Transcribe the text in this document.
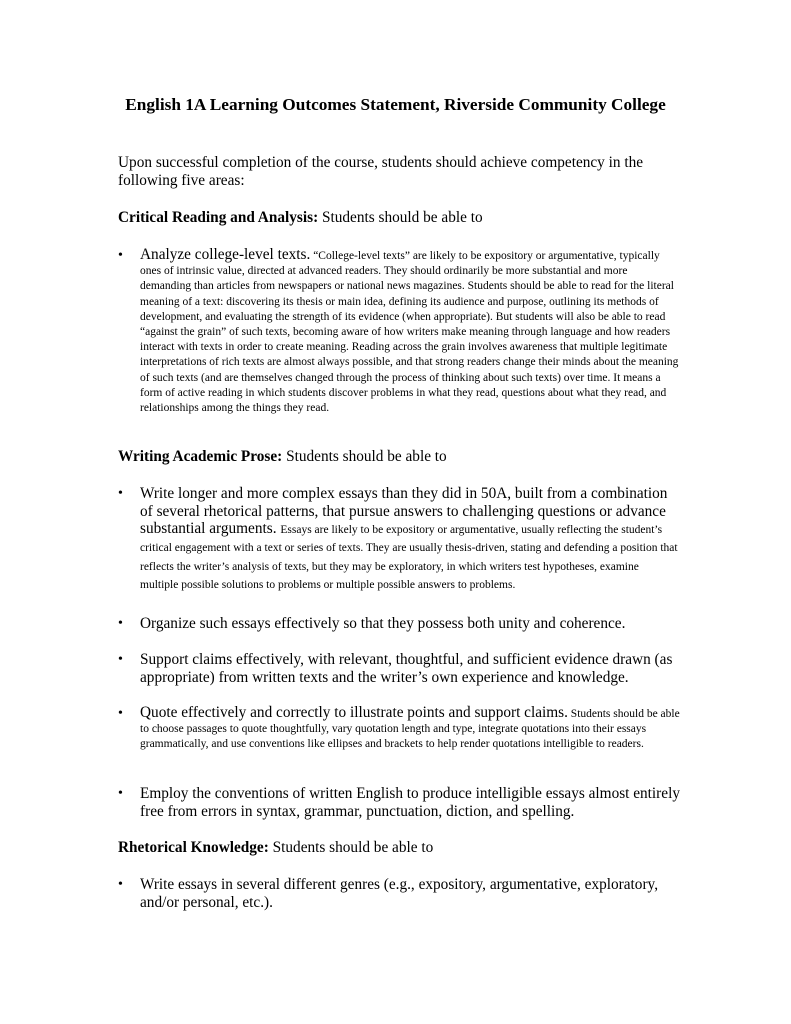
English 1A Learning Outcomes Statement, Riverside Community College
Upon successful completion of the course, students should achieve competency in the following five areas:
Critical Reading and Analysis: Students should be able to
• Analyze college-level texts. “College-level texts” are likely to be expository or argumentative, typically ones of intrinsic value, directed at advanced readers. They should ordinarily be more substantial and more demanding than articles from newspapers or national news magazines. Students should be able to read for the literal meaning of a text: discovering its thesis or main idea, defining its audience and purpose, outlining its methods of development, and evaluating the strength of its evidence (when appropriate). But students will also be able to read “against the grain” of such texts, becoming aware of how writers make meaning through language and how readers interact with texts in order to create meaning. Reading across the grain involves awareness that multiple legitimate interpretations of rich texts are almost always possible, and that strong readers change their minds about the meaning of such texts (and are themselves changed through the process of thinking about such texts) over time. It means a form of active reading in which students discover problems in what they read, questions about what they read, and relationships among the things they read.
Writing Academic Prose: Students should be able to
• Write longer and more complex essays than they did in 50A, built from a combination of several rhetorical patterns, that pursue answers to challenging questions or advance substantial arguments. Essays are likely to be expository or argumentative, usually reflecting the student’s critical engagement with a text or series of texts. They are usually thesis-driven, stating and defending a position that reflects the writer’s analysis of texts, but they may be exploratory, in which writers test hypotheses, examine multiple possible solutions to problems or multiple possible answers to problems.
• Organize such essays effectively so that they possess both unity and coherence.
• Support claims effectively, with relevant, thoughtful, and sufficient evidence drawn (as appropriate) from written texts and the writer’s own experience and knowledge.
• Quote effectively and correctly to illustrate points and support claims. Students should be able to choose passages to quote thoughtfully, vary quotation length and type, integrate quotations into their essays grammatically, and use conventions like ellipses and brackets to help render quotations intelligible to readers.
• Employ the conventions of written English to produce intelligible essays almost entirely free from errors in syntax, grammar, punctuation, diction, and spelling.
Rhetorical Knowledge: Students should be able to
• Write essays in several different genres (e.g., expository, argumentative, exploratory, and/or personal, etc.).
